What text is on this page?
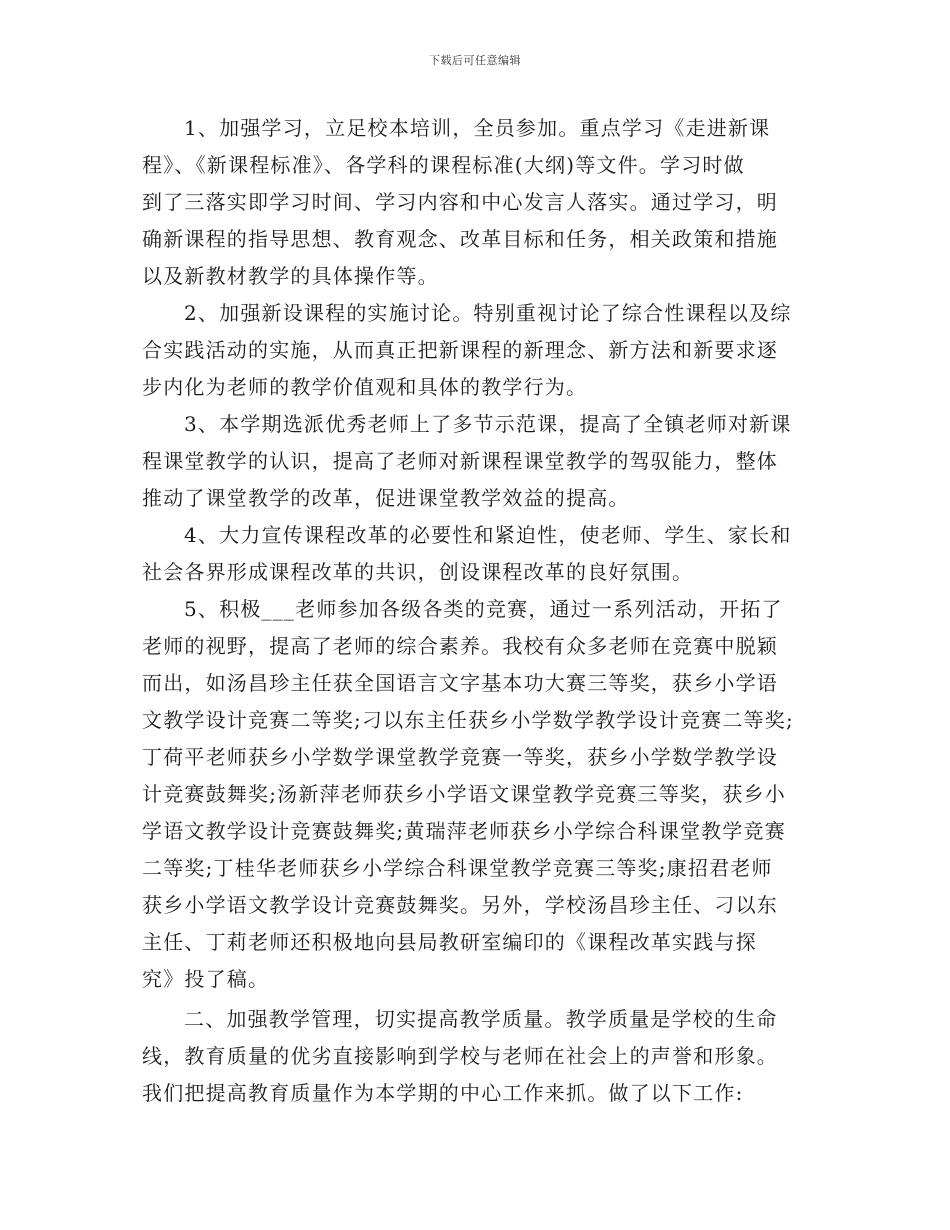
下载后可任意编辑
1、加强学习，立足校本培训，全员参加。重点学习《走进新课
程》、《新课程标准》、各学科的课程标准(大纲)等文件。学习时做
到了三落实即学习时间、学习内容和中心发言人落实。通过学习，明
确新课程的指导思想、教育观念、改革目标和任务，相关政策和措施
以及新教材教学的具体操作等。
2、加强新设课程的实施讨论。特别重视讨论了综合性课程以及综
合实践活动的实施，从而真正把新课程的新理念、新方法和新要求逐
步内化为老师的教学价值观和具体的教学行为。
3、本学期选派优秀老师上了多节示范课，提高了全镇老师对新课
程课堂教学的认识，提高了老师对新课程课堂教学的驾驭能力，整体
推动了课堂教学的改革，促进课堂教学效益的提高。
4、大力宣传课程改革的必要性和紧迫性，使老师、学生、家长和
社会各界形成课程改革的共识，创设课程改革的良好氛围。
5、积极___老师参加各级各类的竞赛，通过一系列活动，开拓了
老师的视野，提高了老师的综合素养。我校有众多老师在竞赛中脱颖
而出，如汤昌珍主任获全国语言文字基本功大赛三等奖，获乡小学语
文教学设计竞赛二等奖;刁以东主任获乡小学数学教学设计竞赛二等奖;
丁荷平老师获乡小学数学课堂教学竞赛一等奖，获乡小学数学教学设
计竞赛鼓舞奖;汤新萍老师获乡小学语文课堂教学竞赛三等奖，获乡小
学语文教学设计竞赛鼓舞奖;黄瑞萍老师获乡小学综合科课堂教学竞赛
二等奖;丁桂华老师获乡小学综合科课堂教学竞赛三等奖;康招君老师
获乡小学语文教学设计竞赛鼓舞奖。另外，学校汤昌珍主任、刁以东
主任、丁莉老师还积极地向县局教研室编印的《课程改革实践与探
究》投了稿。
二、加强教学管理，切实提高教学质量。教学质量是学校的生命
线，教育质量的优劣直接影响到学校与老师在社会上的声誉和形象。
我们把提高教育质量作为本学期的中心工作来抓。做了以下工作:
